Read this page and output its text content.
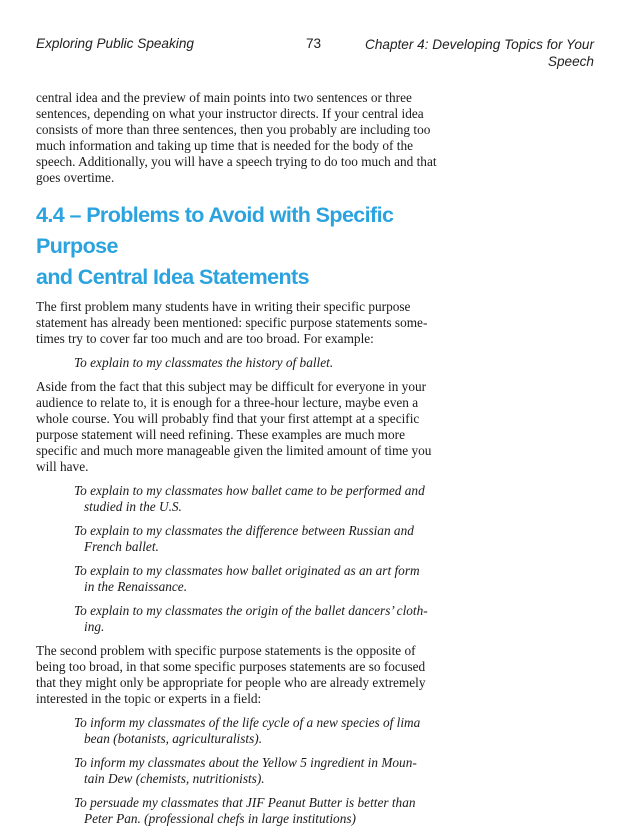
Exploring Public Speaking	73	Chapter 4: Developing Topics for Your
Speech

central idea and the preview of main points into two sentences or three sentences, depending on what your instructor directs. If your central idea consists of more than three sentences, then you probably are including too much information and taking up time that is needed for the body of the speech. Additionally, you will have a speech trying to do too much and that goes overtime.

4.4 – Problems to Avoid with Specific Purpose
and Central Idea Statements

The first problem many students have in writing their specific purpose statement has already been mentioned: specific purpose statements sometimes try to cover far too much and are too broad. For example:

To explain to my classmates the history of ballet.

Aside from the fact that this subject may be difficult for everyone in your audience to relate to, it is enough for a three-hour lecture, maybe even a whole course. You will probably find that your first attempt at a specific purpose statement will need refining. These examples are much more specific and much more manageable given the limited amount of time you will have.

To explain to my classmates how ballet came to be performed and
studied in the U.S.

To explain to my classmates the difference between Russian and
French ballet.

To explain to my classmates how ballet originated as an art form
in the Renaissance.

To explain to my classmates the origin of the ballet dancers’ cloth-
ing.

The second problem with specific purpose statements is the opposite of being too broad, in that some specific purposes statements are so focused that they might only be appropriate for people who are already extremely interested in the topic or experts in a field:

To inform my classmates of the life cycle of a new species of lima
bean (botanists, agriculturalists).

To inform my classmates about the Yellow 5 ingredient in Moun-
tain Dew (chemists, nutritionists).

To persuade my classmates that JIF Peanut Butter is better than
Peter Pan. (professional chefs in large institutions)
